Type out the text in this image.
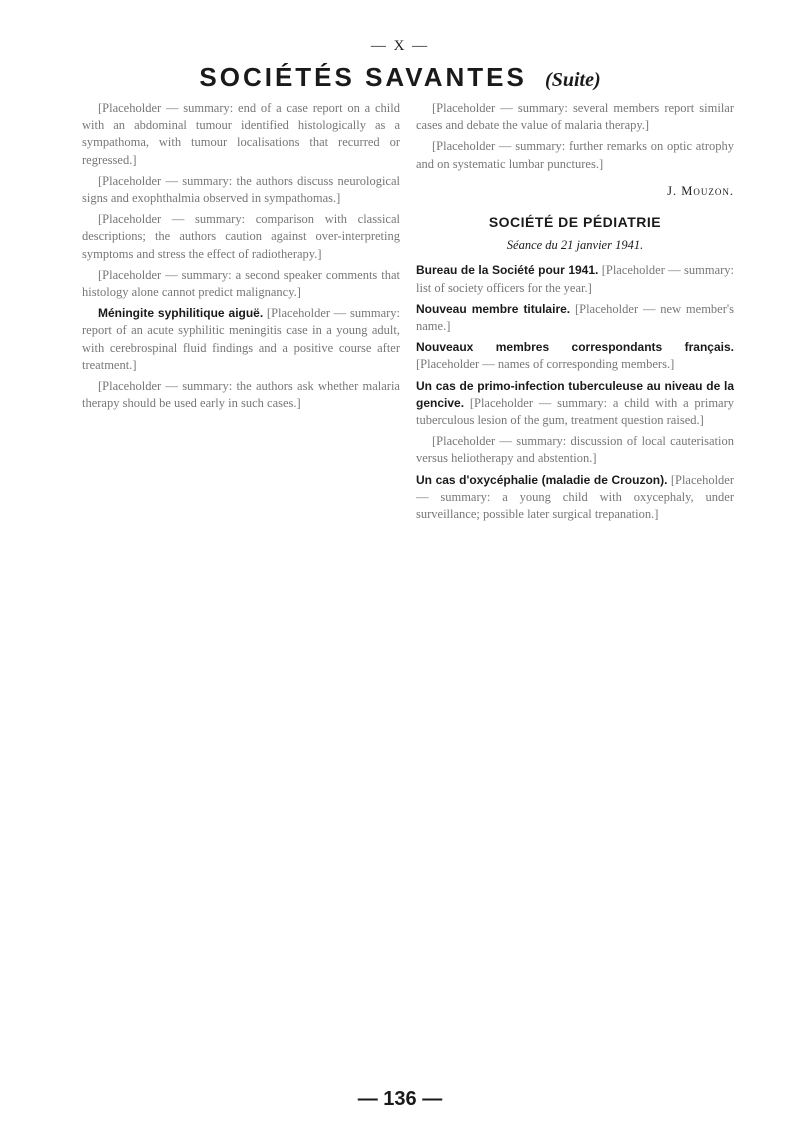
— X —
SOCIÉTÉS SAVANTES (Suite)

[Placeholder — summary: end of a case report on a child with an abdominal tumour identified histologically as a sympathoma, with tumour localisations that recurred or regressed.]

[Placeholder — summary: the authors discuss neurological signs and exophthalmia observed in sympathomas.]

[Placeholder — summary: comparison with classical descriptions; the authors caution against over-interpreting symptoms and stress the effect of radiotherapy.]

[Placeholder — summary: a second speaker comments that histology alone cannot predict malignancy.]

Méningite syphilitique aiguë. [Placeholder — summary: report of an acute syphilitic meningitis case in a young adult, with cerebrospinal fluid findings and a positive course after treatment.]

[Placeholder — summary: the authors ask whether malaria therapy should be used early in such cases.]

[Placeholder — summary: several members report similar cases and debate the value of malaria therapy.]

[Placeholder — summary: further remarks on optic atrophy and on systematic lumbar punctures.]

J. Mouzon.
SOCIÉTÉ DE PÉDIATRIE
Séance du 21 janvier 1941.

Bureau de la Société pour 1941. [Placeholder — summary: list of society officers for the year.]

Nouveau membre titulaire. [Placeholder — new member's name.]

Nouveaux membres correspondants français. [Placeholder — names of corresponding members.]

Un cas de primo-infection tuberculeuse au niveau de la gencive. [Placeholder — summary: a child with a primary tuberculous lesion of the gum, treatment question raised.]

[Placeholder — summary: discussion of local cauterisation versus heliotherapy and abstention.]

Un cas d'oxycéphalie (maladie de Crouzon). [Placeholder — summary: a young child with oxycephaly, under surveillance; possible later surgical trepanation.]

— 136 —
